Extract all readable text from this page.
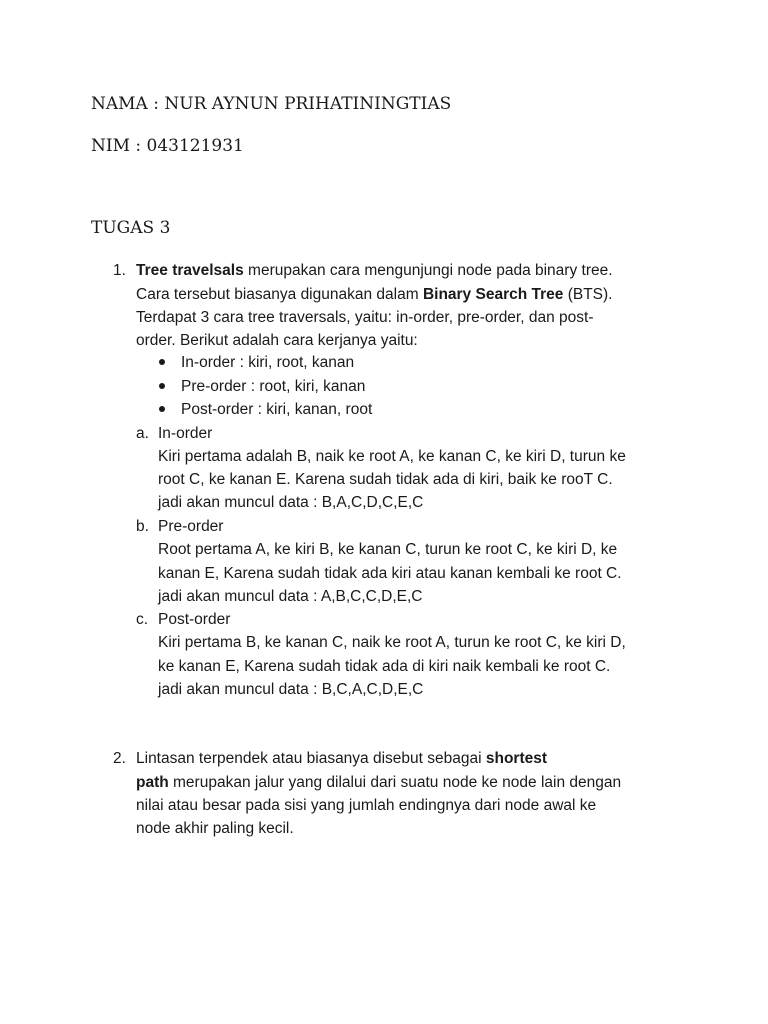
NAMA : NUR AYNUN PRIHATININGTIAS
NIM : 043121931
TUGAS 3
1. Tree travelsals merupakan cara mengunjungi node pada binary tree.
Cara tersebut biasanya digunakan dalam Binary Search Tree (BTS).
Terdapat 3 cara tree traversals, yaitu: in-order, pre-order, dan post-
order. Berikut adalah cara kerjanya yaitu:
In-order : kiri, root, kanan
Pre-order : root, kiri, kanan
Post-order : kiri, kanan, root
a. In-order
Kiri pertama adalah B, naik ke root A, ke kanan C, ke kiri D, turun ke
root C, ke kanan E. Karena sudah tidak ada di kiri, baik ke rooT C.
jadi akan muncul data : B,A,C,D,C,E,C
b. Pre-order
Root pertama A, ke kiri B, ke kanan C, turun ke root C, ke kiri D, ke
kanan E, Karena sudah tidak ada kiri atau kanan kembali ke root C.
jadi akan muncul data : A,B,C,C,D,E,C
c. Post-order
Kiri pertama B, ke kanan C, naik ke root A, turun ke root C, ke kiri D,
ke kanan E, Karena sudah tidak ada di kiri naik kembali ke root C.
jadi akan muncul data : B,C,A,C,D,E,C
2. Lintasan terpendek atau biasanya disebut sebagai shortest
path merupakan jalur yang dilalui dari suatu node ke node lain dengan
nilai atau besar pada sisi yang jumlah endingnya dari node awal ke
node akhir paling kecil.
